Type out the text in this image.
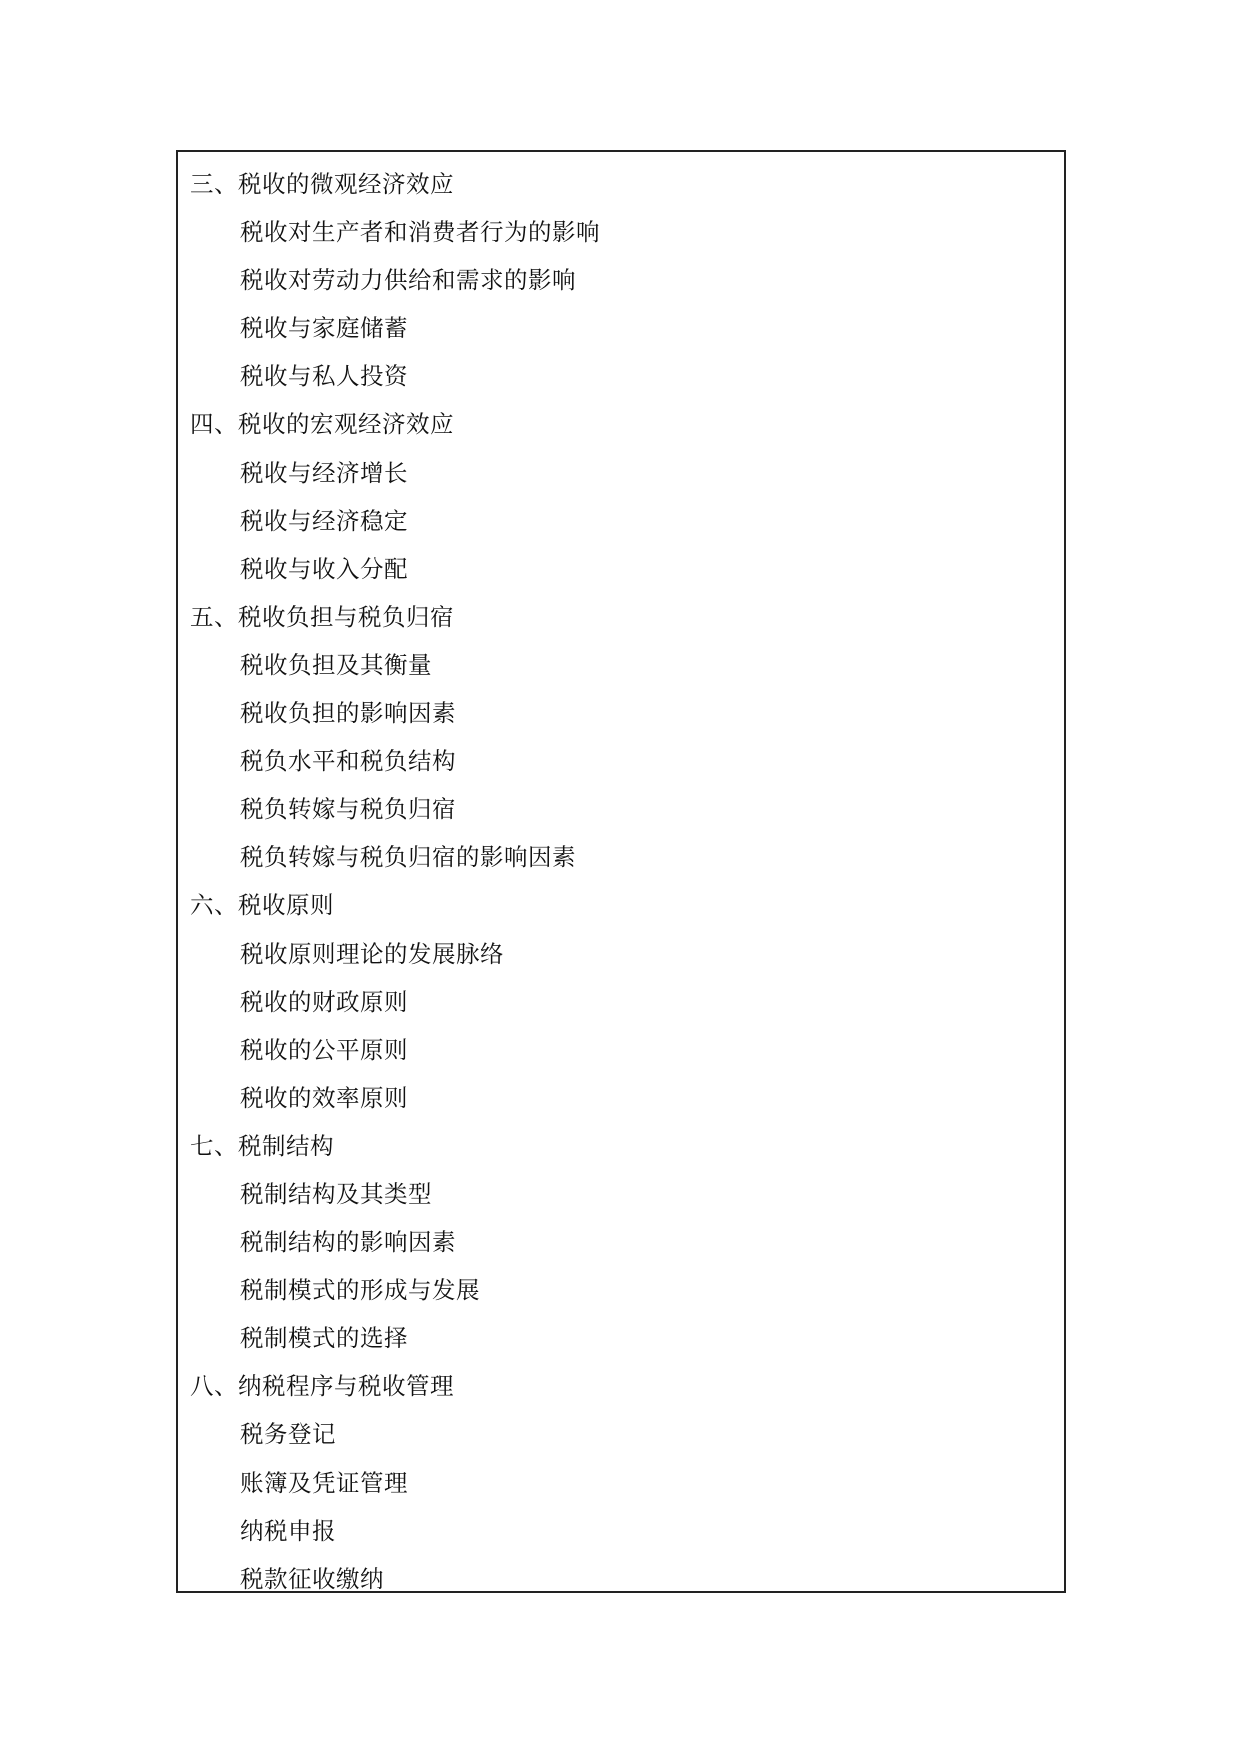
三、税收的微观经济效应
税收对生产者和消费者行为的影响
税收对劳动力供给和需求的影响
税收与家庭储蓄
税收与私人投资
四、税收的宏观经济效应
税收与经济增长
税收与经济稳定
税收与收入分配
五、税收负担与税负归宿
税收负担及其衡量
税收负担的影响因素
税负水平和税负结构
税负转嫁与税负归宿
税负转嫁与税负归宿的影响因素
六、税收原则
税收原则理论的发展脉络
税收的财政原则
税收的公平原则
税收的效率原则
七、税制结构
税制结构及其类型
税制结构的影响因素
税制模式的形成与发展
税制模式的选择
八、纳税程序与税收管理
税务登记
账簿及凭证管理
纳税申报
税款征收缴纳
